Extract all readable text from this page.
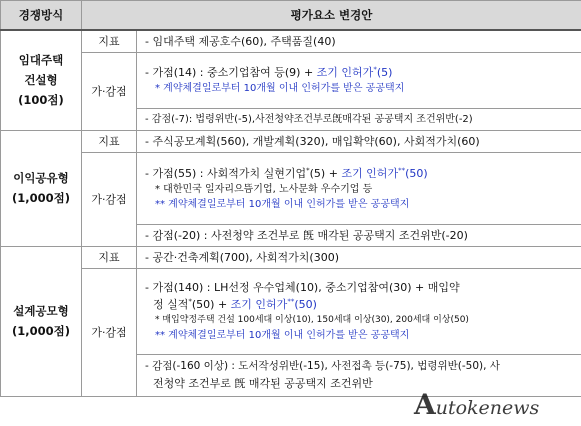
경쟁방식	평가요소 변경안	

임대주택
건설형
(100점)	지표	- 임대주택 제공호수(60), 주택품질(40)
	가·감점	- 가점(14) : 중소기업참여 등(9) + 조기 인허가*(5)
* 계약체결일로부터 10개월 이내 인허가를 받은 공공택지

		- 감점(-7): 법령위반(-5),사전청약조건부로旣매각된 공공택지 조건위반(-2)

이익공유형
(1,000점)	지표	- 주식공모계획(560), 개발계획(320), 매입확약(60), 사회적가치(60)
	가·감점	- 가점(55) : 사회적가치 실현기업*(5) + 조기 인허가**(50)
* 대한민국 일자리으뜸기업, 노사문화 우수기업 등
** 계약체결일로부터 10개월 이내 인허가를 받은 공공택지

		- 감점(-20) : 사전청약 조건부로 旣 매각된 공공택지 조건위반(-20)

설계공모형
(1,000점)	지표	- 공간·건축계획(700), 사회적가치(300)
	가·감점	- 가점(140) : LH선정 우수업체(10), 중소기업참여(30) + 매입약
정 실적*(50) + 조기 인허가**(50)
* 매입약정주택 건설 100세대 이상(10), 150세대 이상(30), 200세대 이상(50)
** 계약체결일로부터 10개월 이내 인허가를 받은 공공택지

		- 감점(-160 이상) : 도서작성위반(-15), 사전접촉 등(-75), 법령위반(-50), 사
전청약 조건부로 旣 매각된 공공택지 조건위반
Autokenews
